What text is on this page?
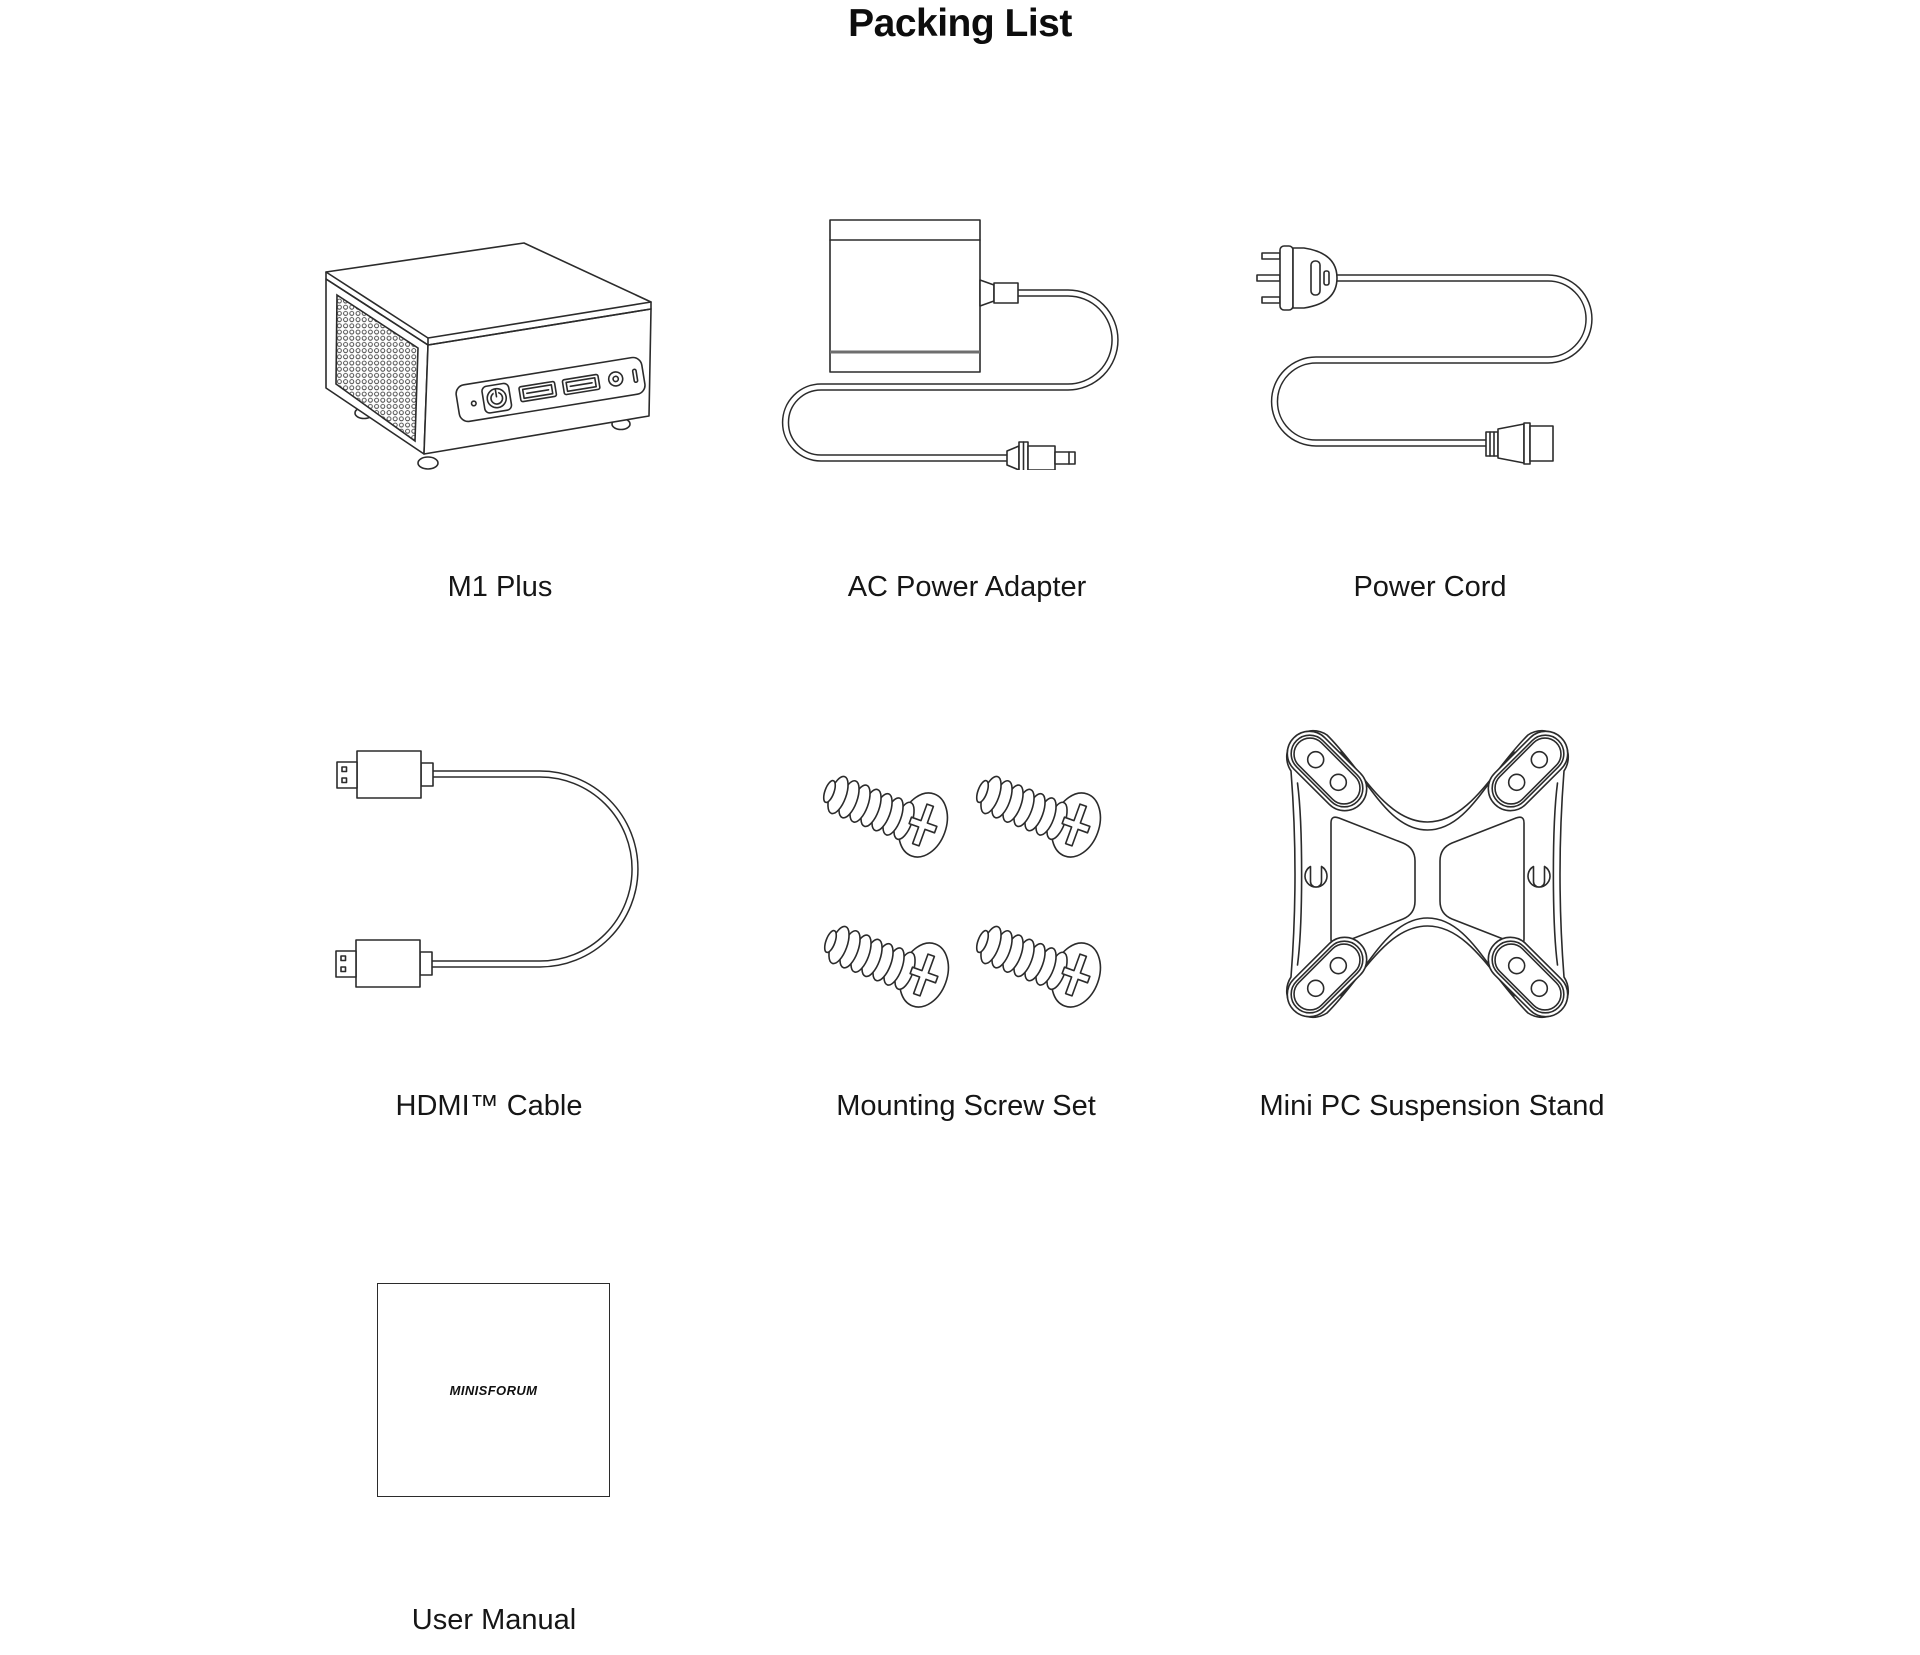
Packing List
M1 Plus	AC Power Adapter	Power Cord
HDMI™ Cable	Mounting Screw Set	Mini PC Suspension Stand
MINISFORUM
User Manual
